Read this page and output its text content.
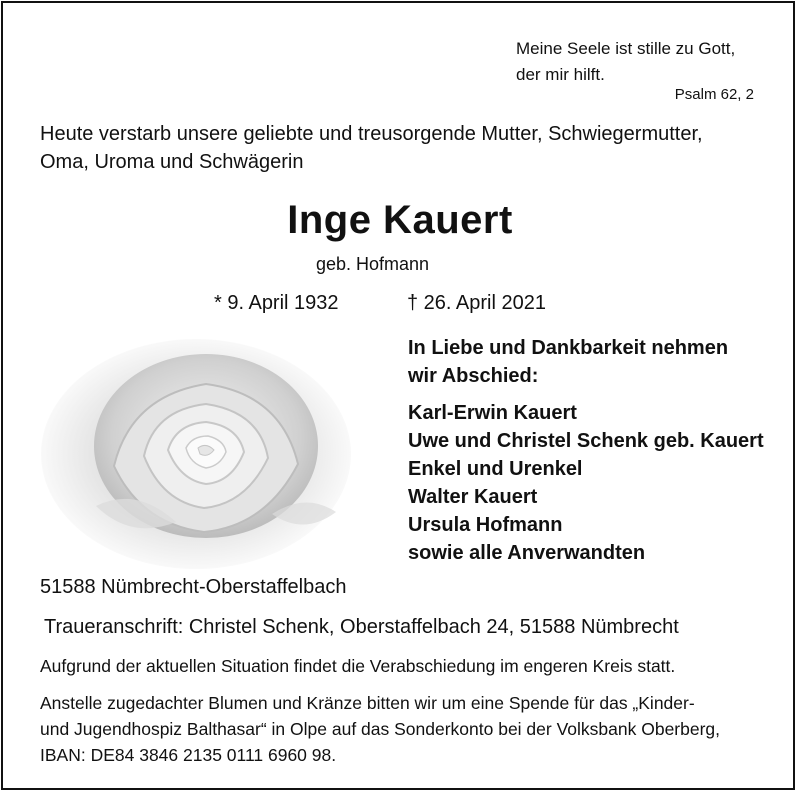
Meine Seele ist stille zu Gott,
der mir hilft.
Psalm 62, 2
Heute verstarb unsere geliebte und treusorgende Mutter, Schwiegermutter,
Oma, Uroma und Schwägerin
Inge Kauert
geb. Hofmann
* 9. April 1932	† 26. April 2021
In Liebe und Dankbarkeit nehmen
wir Abschied:
Karl-Erwin Kauert
Uwe und Christel Schenk geb. Kauert
Enkel und Urenkel
Walter Kauert
Ursula Hofmann
sowie alle Anverwandten
51588 Nümbrecht-Oberstaffelbach
Traueranschrift: Christel Schenk, Oberstaffelbach 24, 51588 Nümbrecht
Aufgrund der aktuellen Situation findet die Verabschiedung im engeren Kreis statt.
Anstelle zugedachter Blumen und Kränze bitten wir um eine Spende für das „Kinder-
und Jugendhospiz Balthasar“ in Olpe auf das Sonderkonto bei der Volksbank Oberberg,
IBAN: DE84 3846 2135 0111 6960 98.
